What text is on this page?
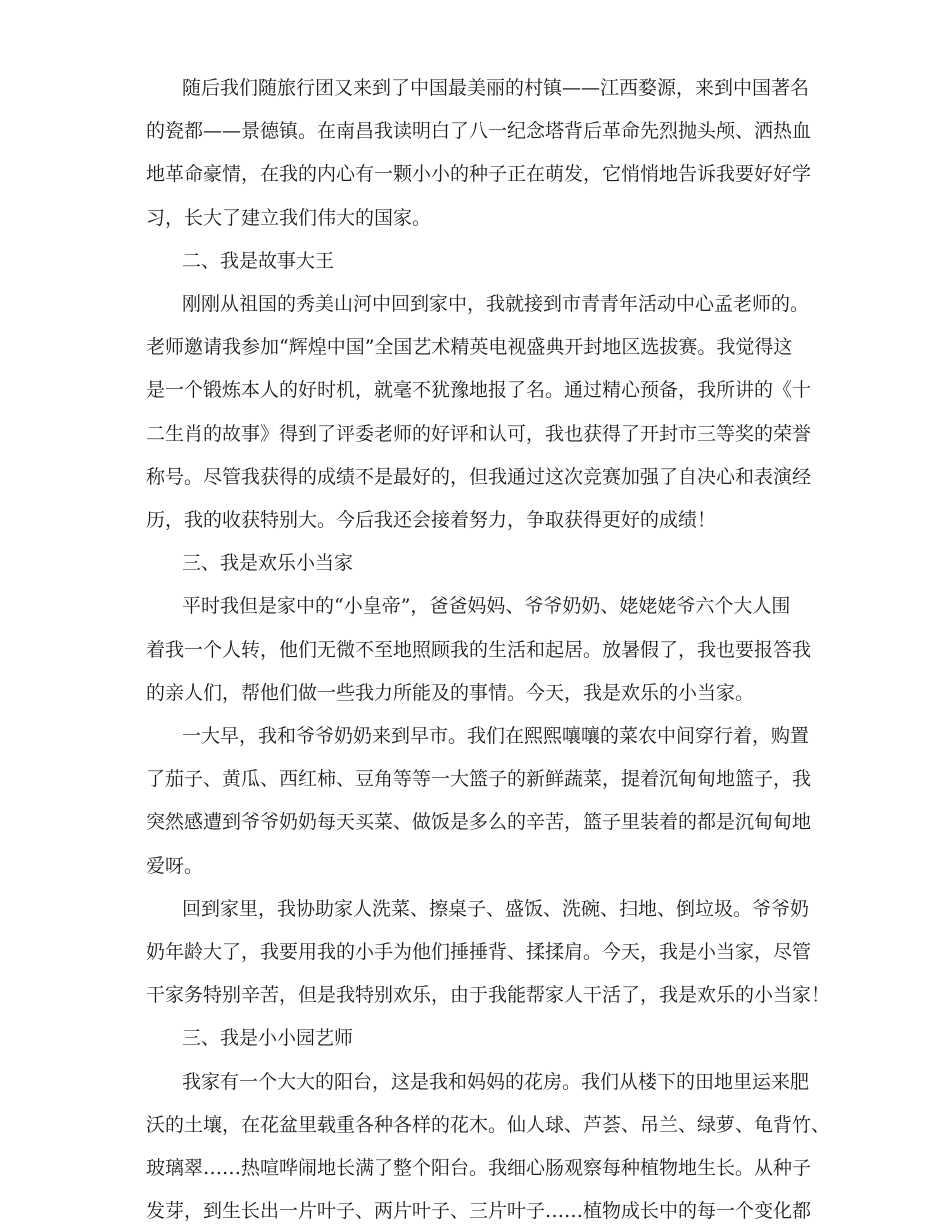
随后我们随旅行团又来到了中国最美丽的村镇——江西婺源，来到中国著名
的瓷都——景德镇。在南昌我读明白了八一纪念塔背后革命先烈抛头颅、洒热血
地革命豪情，在我的内心有一颗小小的种子正在萌发，它悄悄地告诉我要好好学
习，长大了建立我们伟大的国家。
二、我是故事大王
刚刚从祖国的秀美山河中回到家中，我就接到市青青年活动中心孟老师的。
老师邀请我参加“辉煌中国”全国艺术精英电视盛典开封地区选拔赛。我觉得这
是一个锻炼本人的好时机，就毫不犹豫地报了名。通过精心预备，我所讲的《十
二生肖的故事》得到了评委老师的好评和认可，我也获得了开封市三等奖的荣誉
称号。尽管我获得的成绩不是最好的，但我通过这次竞赛加强了自决心和表演经
历，我的收获特别大。今后我还会接着努力，争取获得更好的成绩！
三、我是欢乐小当家
平时我但是家中的“小皇帝”，爸爸妈妈、爷爷奶奶、姥姥姥爷六个大人围
着我一个人转，他们无微不至地照顾我的生活和起居。放暑假了，我也要报答我
的亲人们，帮他们做一些我力所能及的事情。今天，我是欢乐的小当家。
一大早，我和爷爷奶奶来到早市。我们在熙熙嚷嚷的菜农中间穿行着，购置
了茄子、黄瓜、西红柿、豆角等等一大篮子的新鲜蔬菜，提着沉甸甸地篮子，我
突然感遭到爷爷奶奶每天买菜、做饭是多么的辛苦，篮子里装着的都是沉甸甸地
爱呀。
回到家里，我协助家人洗菜、擦桌子、盛饭、洗碗、扫地、倒垃圾。爷爷奶
奶年龄大了，我要用我的小手为他们捶捶背、揉揉肩。今天，我是小当家，尽管
干家务特别辛苦，但是我特别欢乐，由于我能帮家人干活了，我是欢乐的小当家！
三、我是小小园艺师
我家有一个大大的阳台，这是我和妈妈的花房。我们从楼下的田地里运来肥
沃的土壤，在花盆里载重各种各样的花木。仙人球、芦荟、吊兰、绿萝、龟背竹、
玻璃翠……热喧哗闹地长满了整个阳台。我细心肠观察每种植物地生长。从种子
发芽，到生长出一片叶子、两片叶子、三片叶子……植物成长中的每一个变化都
